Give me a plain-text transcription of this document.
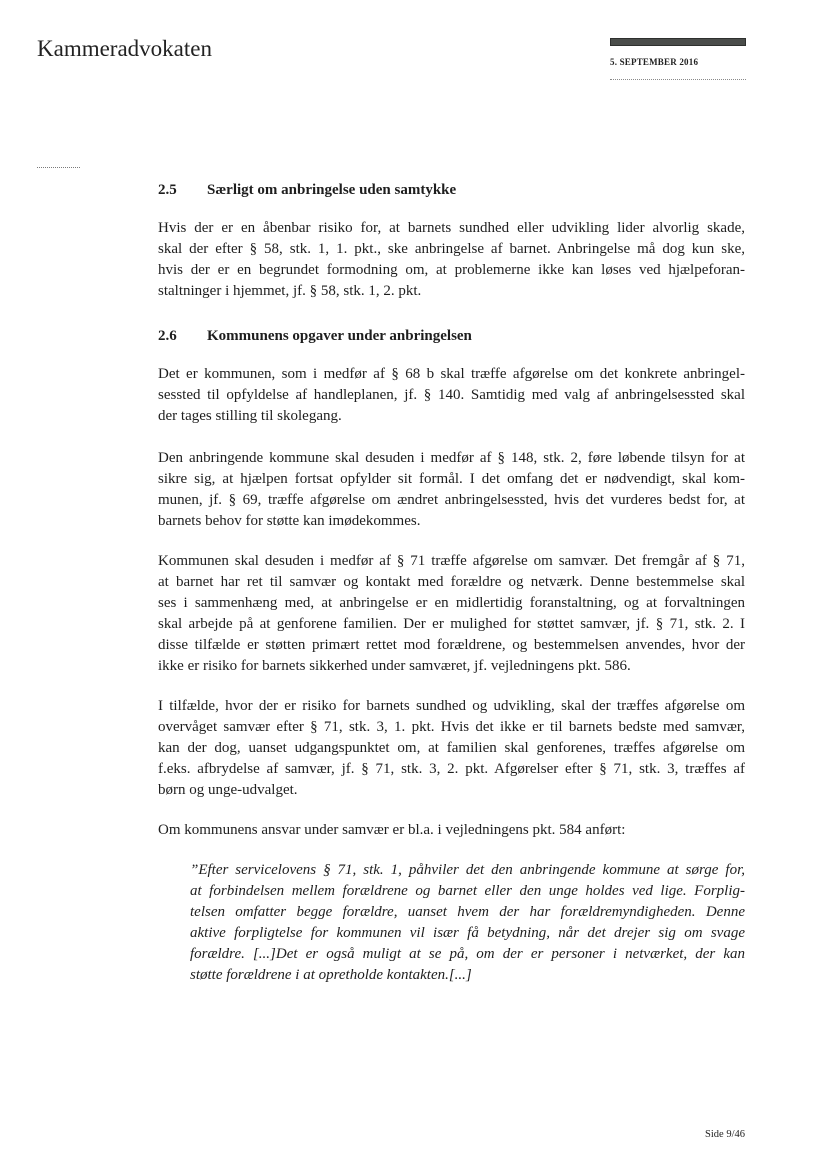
Kammeradvokaten
5. SEPTEMBER 2016
2.5 Særligt om anbringelse uden samtykke
Hvis der er en åbenbar risiko for, at barnets sundhed eller udvikling lider alvorlig skade,
skal der efter § 58, stk. 1, 1. pkt., ske anbringelse af barnet. Anbringelse må dog kun ske,
hvis der er en begrundet formodning om, at problemerne ikke kan løses ved hjælpeforan-
staltninger i hjemmet, jf. § 58, stk. 1, 2. pkt.
2.6 Kommunens opgaver under anbringelsen
Det er kommunen, som i medfør af § 68 b skal træffe afgørelse om det konkrete anbringel-
sessted til opfyldelse af handleplanen, jf. § 140. Samtidig med valg af anbringelsessted skal
der tages stilling til skolegang.
Den anbringende kommune skal desuden i medfør af § 148, stk. 2, føre løbende tilsyn for at
sikre sig, at hjælpen fortsat opfylder sit formål. I det omfang det er nødvendigt, skal kom-
munen, jf. § 69, træffe afgørelse om ændret anbringelsessted, hvis det vurderes bedst for, at
barnets behov for støtte kan imødekommes.
Kommunen skal desuden i medfør af § 71 træffe afgørelse om samvær. Det fremgår af § 71,
at barnet har ret til samvær og kontakt med forældre og netværk. Denne bestemmelse skal
ses i sammenhæng med, at anbringelse er en midlertidig foranstaltning, og at forvaltningen
skal arbejde på at genforene familien. Der er mulighed for støttet samvær, jf. § 71, stk. 2. I
disse tilfælde er støtten primært rettet mod forældrene, og bestemmelsen anvendes, hvor der
ikke er risiko for barnets sikkerhed under samværet, jf. vejledningens pkt. 586.
I tilfælde, hvor der er risiko for barnets sundhed og udvikling, skal der træffes afgørelse om
overvåget samvær efter § 71, stk. 3, 1. pkt. Hvis det ikke er til barnets bedste med samvær,
kan der dog, uanset udgangspunktet om, at familien skal genforenes, træffes afgørelse om
f.eks. afbrydelse af samvær, jf. § 71, stk. 3, 2. pkt. Afgørelser efter § 71, stk. 3, træffes af
børn og unge-udvalget.
Om kommunens ansvar under samvær er bl.a. i vejledningens pkt. 584 anført:
”Efter servicelovens § 71, stk. 1, påhviler det den anbringende kommune at sørge for,
at forbindelsen mellem forældrene og barnet eller den unge holdes ved lige. Forplig-
telsen omfatter begge forældre, uanset hvem der har forældremyndigheden. Denne
aktive forpligtelse for kommunen vil især få betydning, når det drejer sig om svage
forældre. [...]Det er også muligt at se på, om der er personer i netværket, der kan
støtte forældrene i at opretholde kontakten.[...]
Side 9/46
